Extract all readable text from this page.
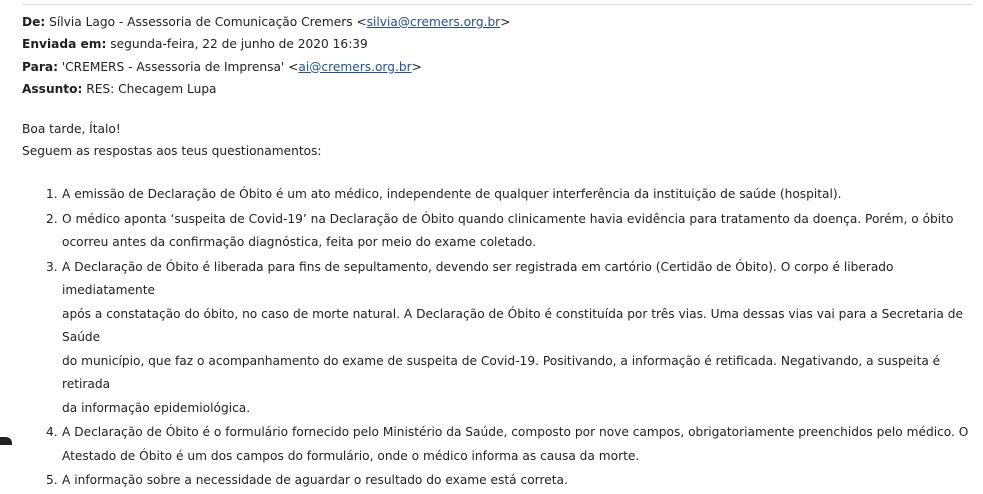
De: Sílvia Lago - Assessoria de Comunicação Cremers <silvia@cremers.org.br>
Enviada em: segunda-feira, 22 de junho de 2020 16:39
Para: 'CREMERS - Assessoria de Imprensa' <ai@cremers.org.br>
Assunto: RES: Checagem Lupa
Boa tarde, Ítalo!
Seguem as respostas aos teus questionamentos:
1. A emissão de Declaração de Óbito é um ato médico, independente de qualquer interferência da instituição de saúde (hospital).
2. O médico aponta ‘suspeita de Covid-19’ na Declaração de Óbito quando clinicamente havia evidência para tratamento da doença. Porém, o óbito
ocorreu antes da confirmação diagnóstica, feita por meio do exame coletado.
3. A Declaração de Óbito é liberada para fins de sepultamento, devendo ser registrada em cartório (Certidão de Óbito). O corpo é liberado imediatamente
após a constatação do óbito, no caso de morte natural. A Declaração de Óbito é constituída por três vias. Uma dessas vias vai para a Secretaria de Saúde
do município, que faz o acompanhamento do exame de suspeita de Covid-19. Positivando, a informação é retificada. Negativando, a suspeita é retirada
da informação epidemiológica.
4. A Declaração de Óbito é o formulário fornecido pelo Ministério da Saúde, composto por nove campos, obrigatoriamente preenchidos pelo médico. O
Atestado de Óbito é um dos campos do formulário, onde o médico informa as causa da morte.
5. A informação sobre a necessidade de aguardar o resultado do exame está correta.
